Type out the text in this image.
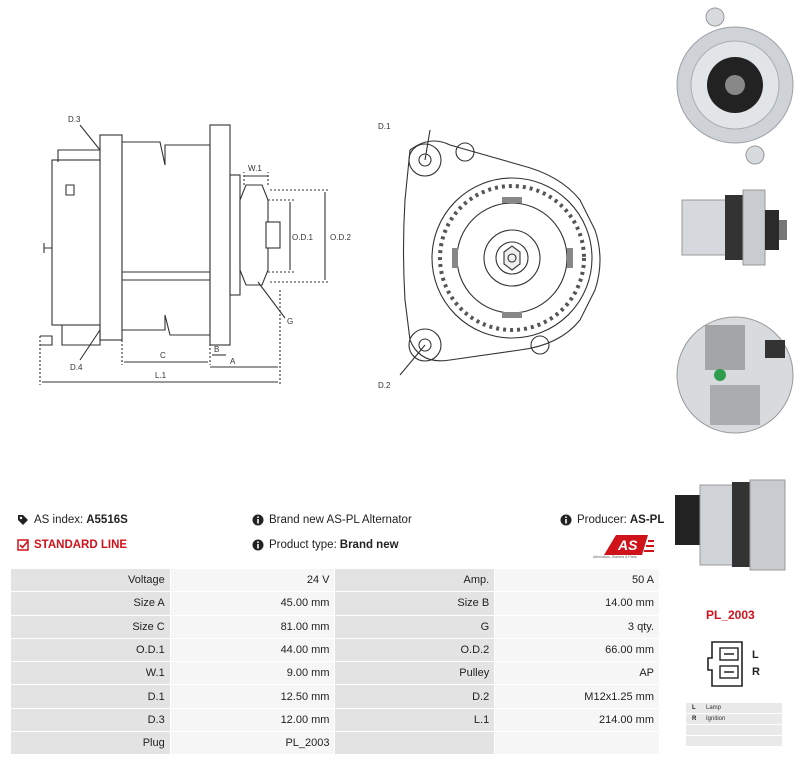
D.3
D.4
C
L.1
B
A
W.1
O.D.1 O.D.2
G
D.1
D.2
AS index: A5516S	Brand new AS-PL Alternator	Producer: AS-PL
STANDARD LINE	Product type: Brand new	AS
Alternators, Starters & Parts
Voltage	24 V	Amp.	50 A
Size A	45.00 mm	Size B	14.00 mm
Size C	81.00 mm	G	3 qty.
O.D.1	44.00 mm	O.D.2	66.00 mm
W.1	9.00 mm	Pulley	AP
D.1	12.50 mm	D.2	M12x1.25 mm
D.3	12.00 mm	L.1	214.00 mm
Plug	PL_2003		
PL_2003
L
R
L	Lamp
R	Ignition
